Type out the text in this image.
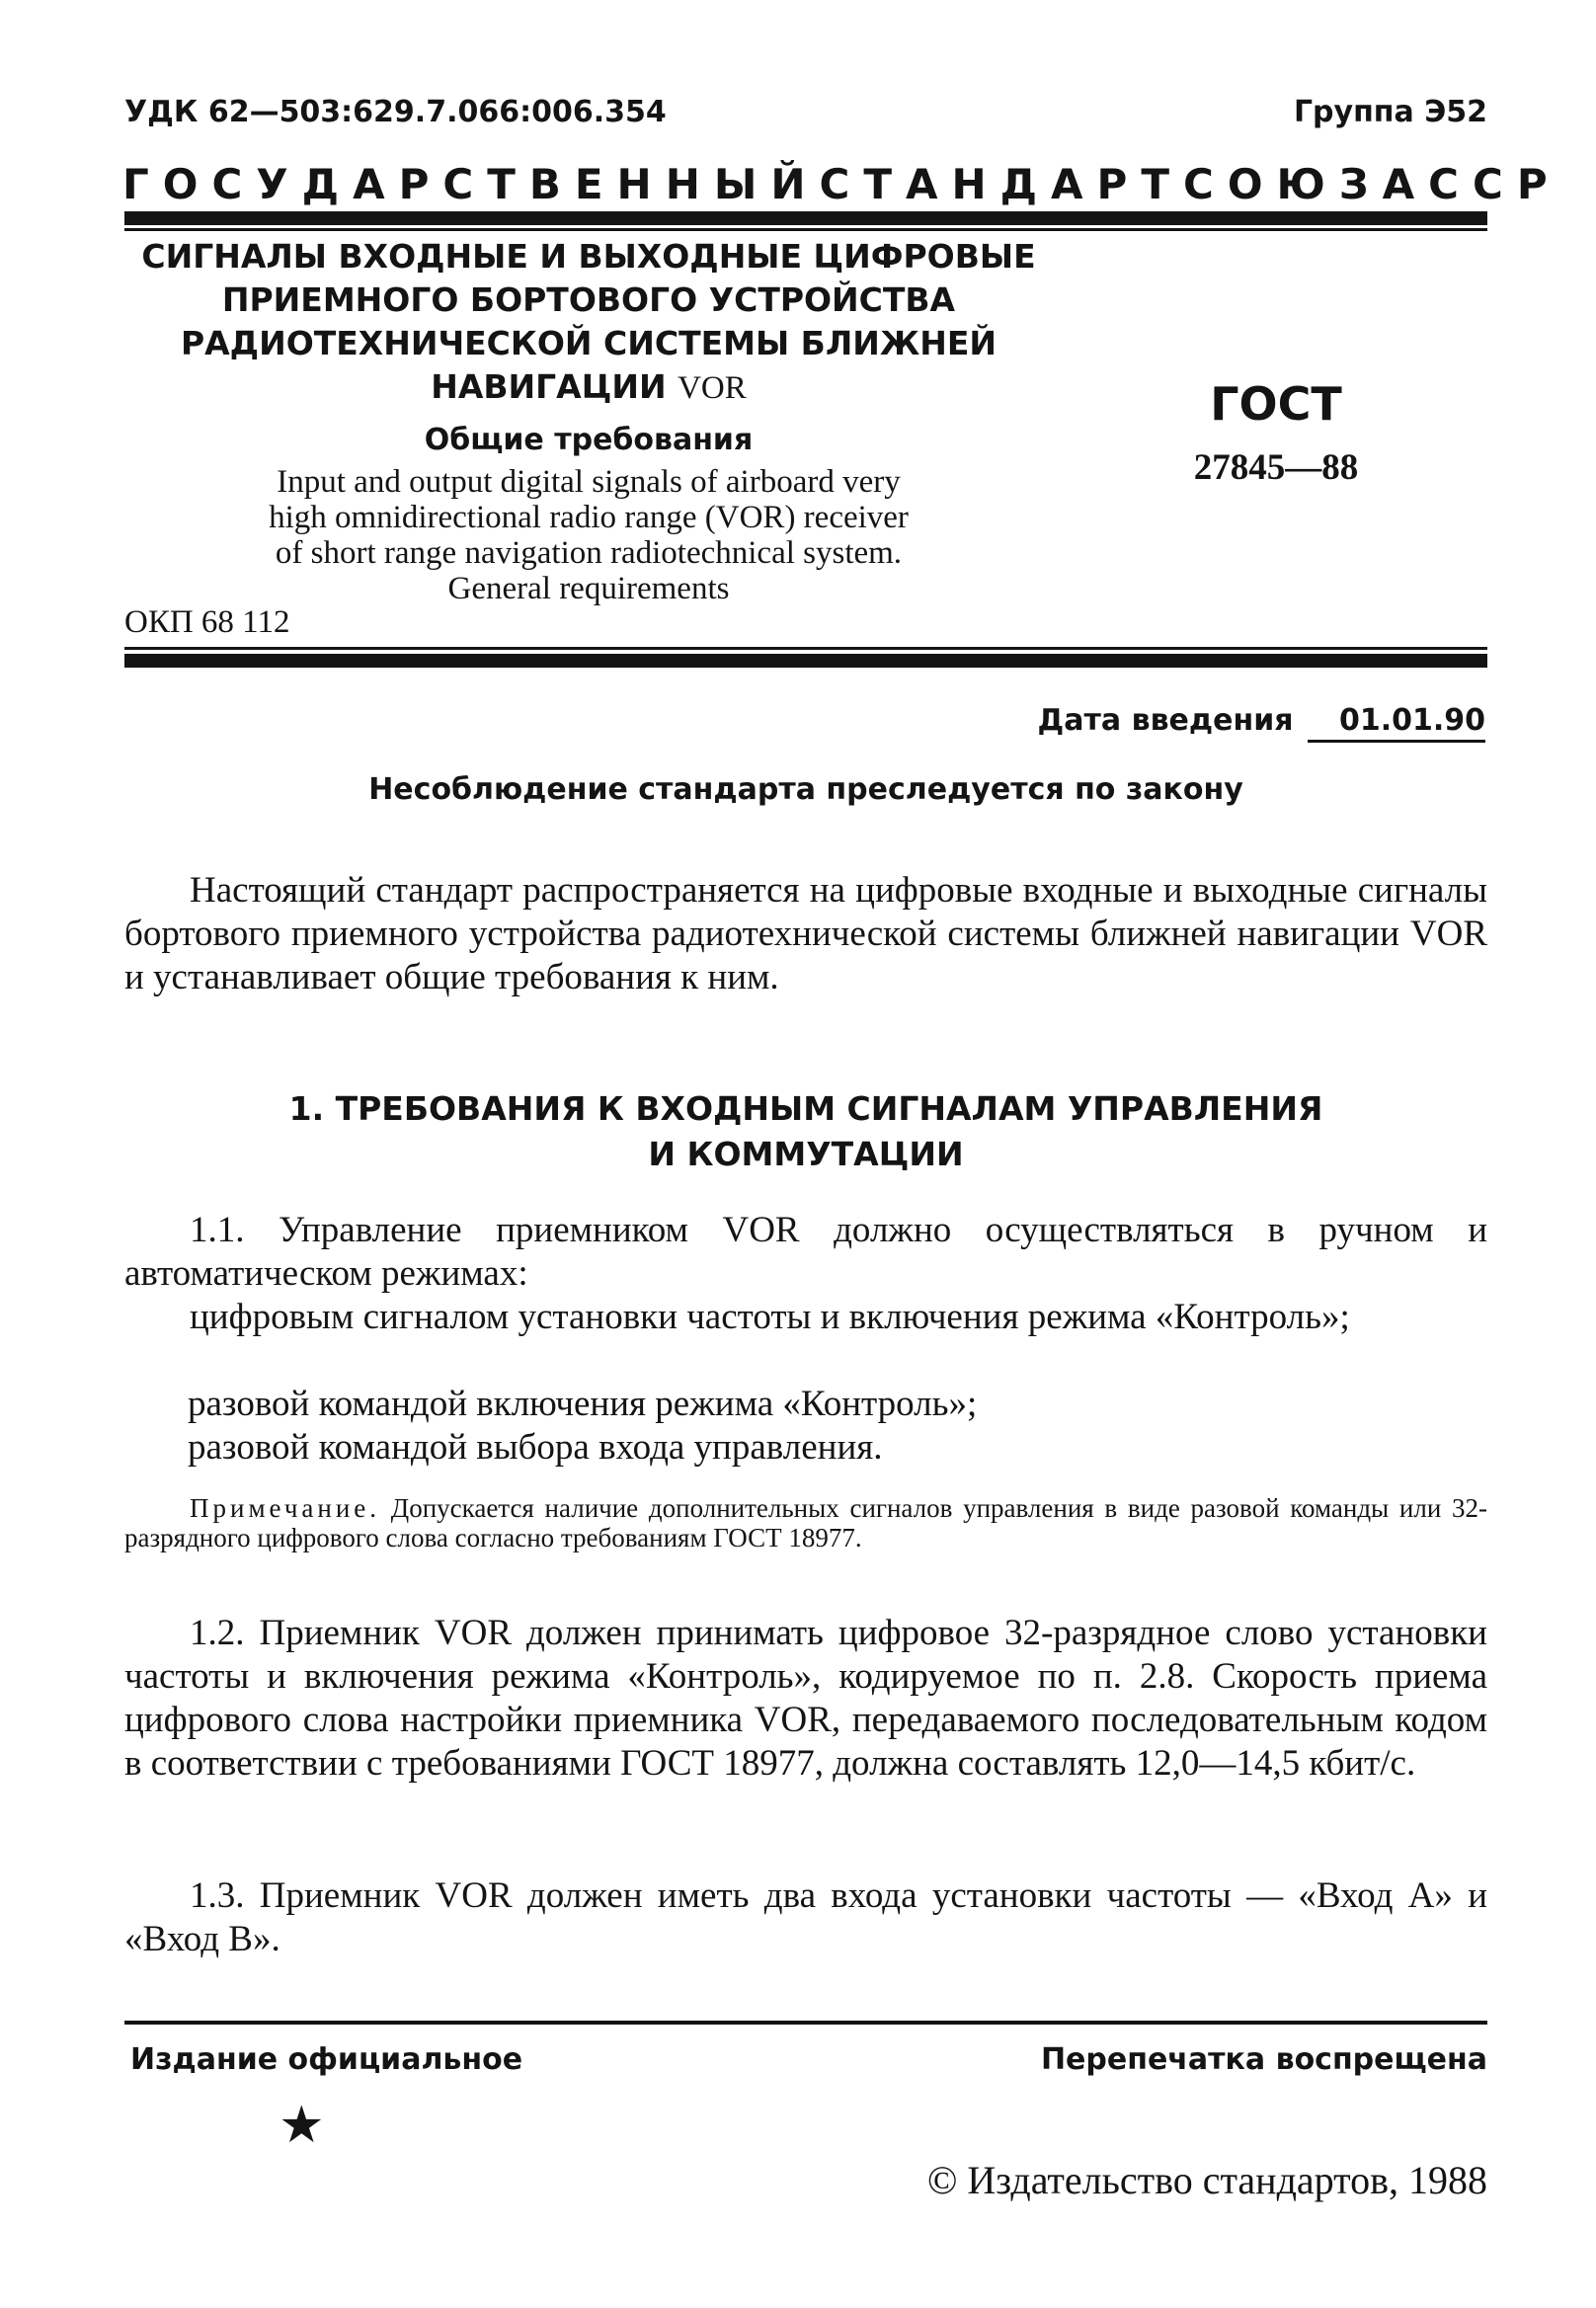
УДК 62—503:629.7.066:006.354	Группа Э52
ГОСУДАРСТВЕННЫЙ СТАНДАРТ СОЮЗА ССР
СИГНАЛЫ ВХОДНЫЕ И ВЫХОДНЫЕ ЦИФРОВЫЕ
ПРИЕМНОГО БОРТОВОГО УСТРОЙСТВА
РАДИОТЕХНИЧЕСКОЙ СИСТЕМЫ БЛИЖНЕЙ
НАВИГАЦИИ VOR
Общие требования
Input and output digital signals of airboard very
high omnidirectional radio range (VOR) receiver
of short range navigation radiotechnical system.
General requirements
ОКП 68 112
ГОСТ
27845—88
Дата введения 01.01.90
Несоблюдение стандарта преследуется по закону
Настоящий стандарт распространяется на цифровые входные и выходные сигналы бортового приемного устройства радиотехнической системы ближней навигации VOR и устанавливает общие требования к ним.
1. ТРЕБОВАНИЯ К ВХОДНЫМ СИГНАЛАМ УПРАВЛЕНИЯ
И КОММУТАЦИИ
1.1. Управление приемником VOR должно осуществляться в ручном и автоматическом режимах:
цифровым сигналом установки частоты и включения режима «Контроль»;
разовой командой включения режима «Контроль»;
разовой командой выбора входа управления.
Примечание. Допускается наличие дополнительных сигналов управления в виде разовой команды или 32-разрядного цифрового слова согласно требованиям ГОСТ 18977.
1.2. Приемник VOR должен принимать цифровое 32-разрядное слово установки частоты и включения режима «Контроль», кодируемое по п. 2.8. Скорость приема цифрового слова настройки приемника VOR, передаваемого последовательным кодом в соответствии с требованиями ГОСТ 18977, должна составлять 12,0—14,5 кбит/с.
1.3. Приемник VOR должен иметь два входа установки частоты — «Вход А» и «Вход В».
Издание официальное	Перепечатка воспрещена
★
© Издательство стандартов, 1988
